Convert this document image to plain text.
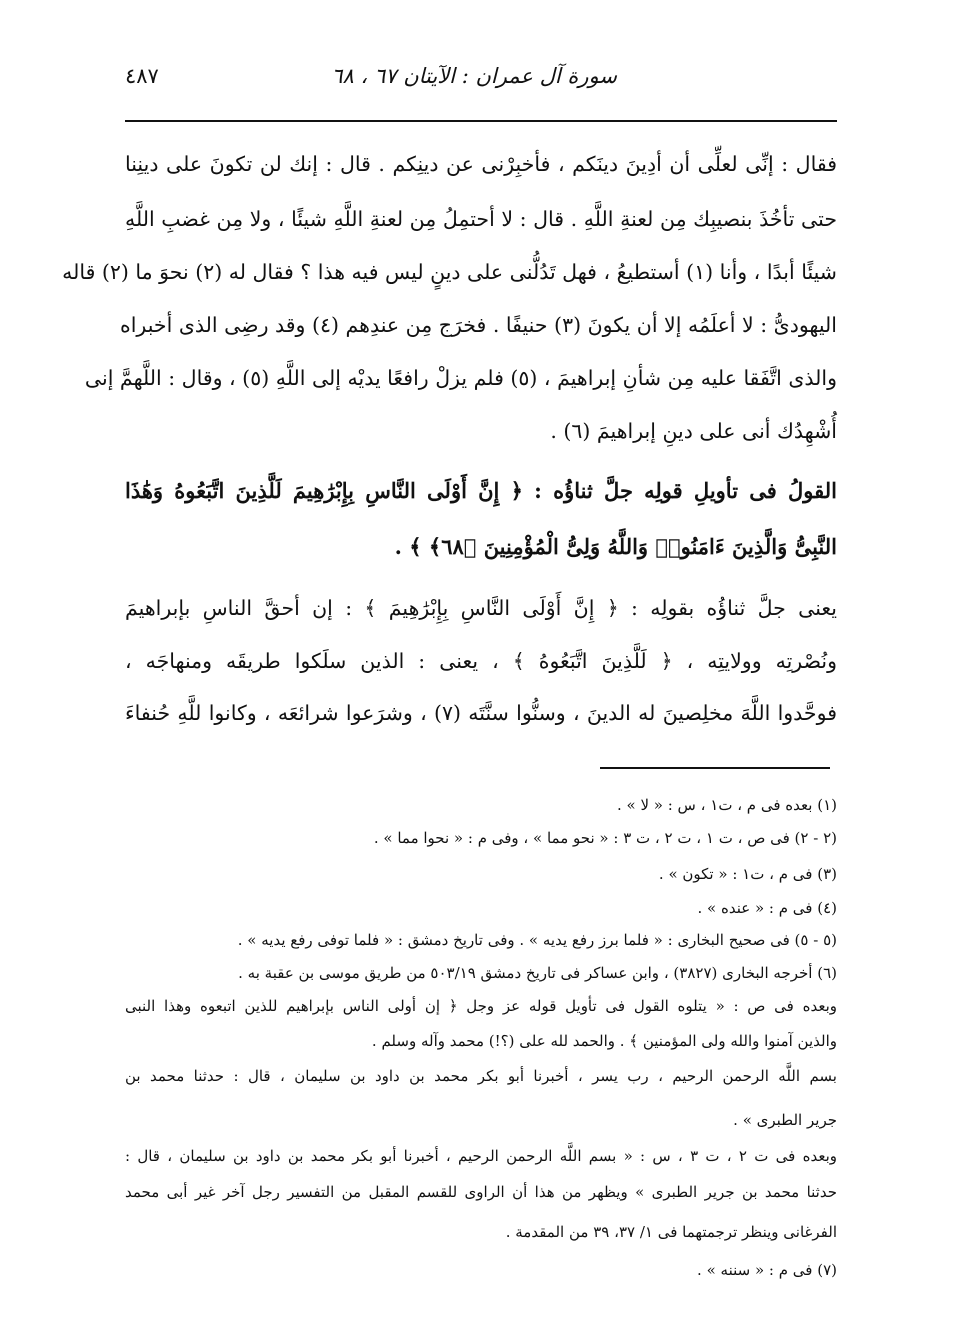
سورة آل عمران : الآيتان ٦٧ ، ٦٨
٤٨٧
فقال : إنِّى لعلِّى أن أدِينَ دينَكم ، فأخبِرْنى عن دينِكم . قال : إنك لن تكونَ على دينِنا
حتى تأخُذَ بنصيبِك مِن لعنةِ اللَّهِ . قال : لا أحتمِلُ مِن لعنةِ اللَّهِ شيئًا ، ولا مِن غضبِ اللَّهِ
شيئًا أبدًا ، وأنا (١) أستطيعُ ، فهل تَدُلُّنى على دينٍ ليس فيه هذا ؟ فقال له (٢) نحوَ ما (٢) قاله
اليهودىُّ : لا أعلَمُه إلا أن يكونَ (٣) حنيفًا . فخرَج مِن عندِهم (٤) وقد رضِى الذى أخبراه
والذى اتَّفَقا عليه مِن شأنِ إبراهيمَ ، (٥) فلم يزلْ رافعًا يديْه إلى اللَّهِ (٥) ، وقال : اللَّهمَّ إنى
أُشْهِدُك أنى على دينِ إبراهيمَ (٦) .
القولُ فى تأويلِ قولِه جلَّ ثناؤُه : ﴿ إِنَّ أَوْلَى النَّاسِ بِإِبْرَٰهِيمَ لَلَّذِينَ اتَّبَعُوهُ وَهَٰذَا
النَّبِىُّ وَالَّذِينَ ءَامَنُوا۟ وَاللَّهُ وَلِىُّ الْمُؤْمِنِينَ ﴿٦٨﴾ ﴾ .
يعنى جلَّ ثناؤُه بقولِه : ﴿ إِنَّ أَوْلَى النَّاسِ بِإِبْرَٰهِيمَ ﴾ : إن أحقَّ الناسِ بإبراهيمَ
ونُصْرتِه وولايتِه ، ﴿ لَلَّذِينَ اتَّبَعُوهُ ﴾ ، يعنى : الذين سلَكوا طريقَه ومنهاجَه ،
فوحَّدوا اللَّهَ مخلِصينَ له الدينَ ، وسنُّوا سنَّتَه (٧) ، وشرَعوا شرائعَه ، وكانوا للَّهِ حُنفاءَ
(١) بعده فى م ، ت١ ، س : « لا » .
(٢ - ٢) فى ص ، ت ١ ، ت ٢ ، ت ٣ : « نحو مما » ، وفى م : « نحوا مما » .
(٣) فى م ، ت١ : « تكون » .
(٤) فى م : « عنده » .
(٥ - ٥) فى صحيح البخارى : « فلما برز رفع يديه » . وفى تاريخ دمشق : « فلما توفى رفع يديه » .
(٦) أخرجه البخارى (٣٨٢٧) ، وابن عساكر فى تاريخ دمشق ٥٠٣/١٩ من طريق موسى بن عقبة به .
وبعده فى ص : « يتلوه القول فى تأويل قوله عز وجل ﴿ إن أولى الناس بإبراهيم للذين اتبعوه وهذا النبى
والذين آمنوا والله ولى المؤمنين ﴾ . والحمد لله على (؟!) محمد وآله وسلم .
بسم اللَّه الرحمن الرحيم ، رب يسر ، أخبرنا أبو بكر محمد بن داود بن سليمان ، قال : حدثنا محمد بن
جرير الطبرى » .
وبعده فى ت ٢ ، ت ٣ ، س : « بسم اللَّه الرحمن الرحيم ، أخبرنا أبو بكر محمد بن داود بن سليمان ، قال :
حدثنا محمد بن جرير الطبرى » ويظهر من هذا أن الراوى للقسم المقبل من التفسير رجل آخر غير أبى محمد
الفرغانى وينظر ترجمتهما فى ١/ ٣٧، ٣٩ من المقدمة .
(٧) فى م : « سننه » .
